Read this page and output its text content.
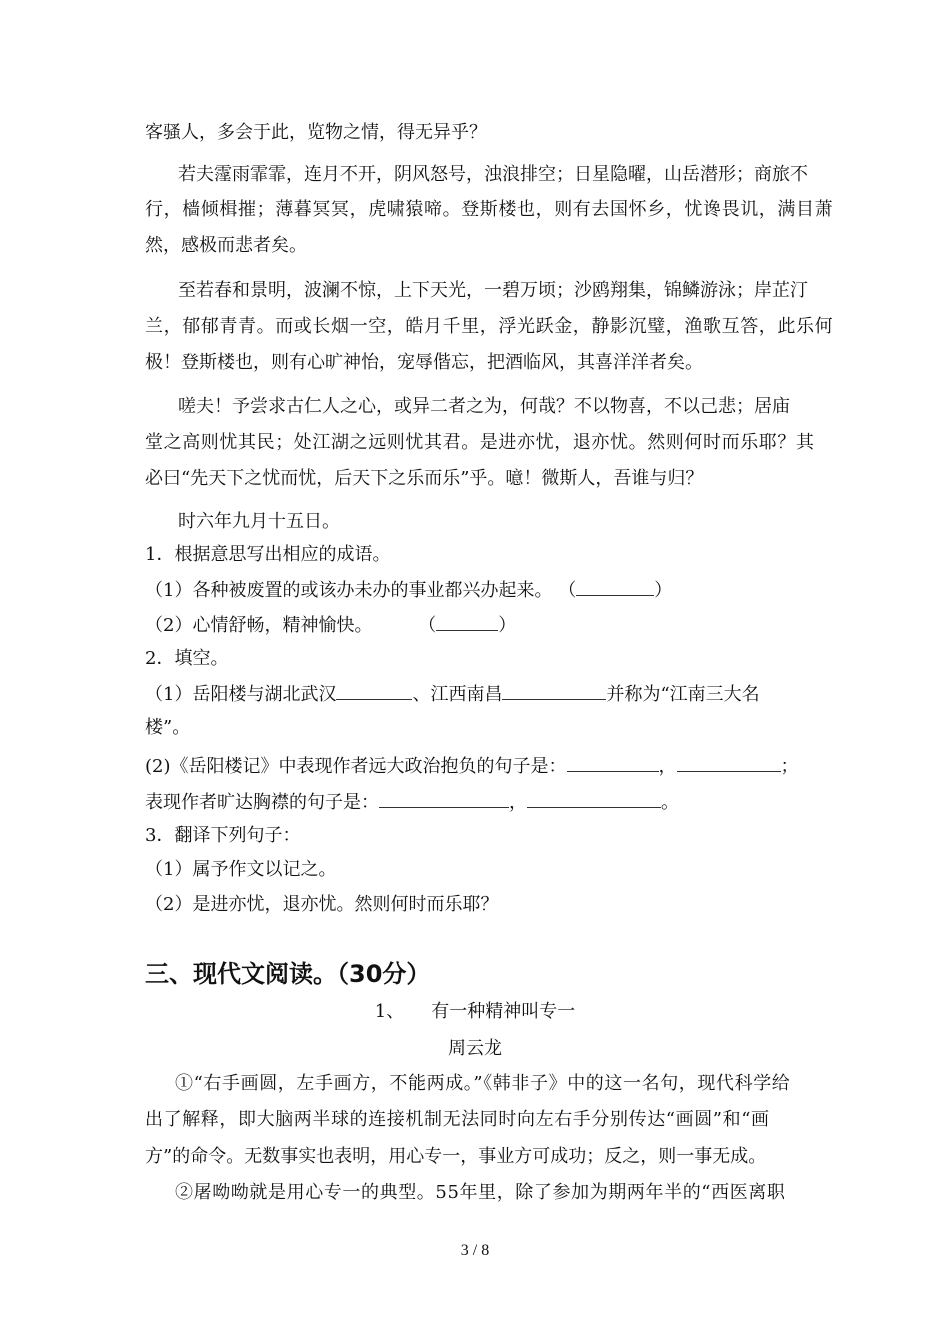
客骚人，多会于此，览物之情，得无异乎？
若夫霪雨霏霏，连月不开，阴风怒号，浊浪排空；日星隐曜，山岳潜形；商旅不
行，樯倾楫摧；薄暮冥冥，虎啸猿啼。登斯楼也，则有去国怀乡，忧谗畏讥，满目萧
然，感极而悲者矣。
至若春和景明，波澜不惊，上下天光，一碧万顷；沙鸥翔集，锦鳞游泳；岸芷汀
兰，郁郁青青。而或长烟一空，皓月千里，浮光跃金，静影沉璧，渔歌互答，此乐何
极！登斯楼也，则有心旷神怡，宠辱偕忘，把酒临风，其喜洋洋者矣。
嗟夫！予尝求古仁人之心，或异二者之为，何哉？不以物喜，不以己悲；居庙
堂之高则忧其民；处江湖之远则忧其君。是进亦忧，退亦忧。然则何时而乐耶？其
必曰“先天下之忧而忧，后天下之乐而乐”乎。噫！微斯人，吾谁与归？
时六年九月十五日。
1．根据意思写出相应的成语。
（1）各种被废置的或该办未办的事业都兴办起来。 （	）
（2）心情舒畅，精神愉快。	（	）
2．填空。
（1）岳阳楼与湖北武汉	、江西南昌	并称为“江南三大名
楼”。
(2)《岳阳楼记》中表现作者远大政治抱负的句子是：	，	；
表现作者旷达胸襟的句子是：	，	。
3．翻译下列句子：
（1）属予作文以记之。
（2）是进亦忧，退亦忧。然则何时而乐耶？
三、现代文阅读。（30分）
1、　　有一种精神叫专一
周云龙
①“右手画圆，左手画方，不能两成。”《韩非子》中的这一名句，现代科学给
出了解释，即大脑两半球的连接机制无法同时向左右手分别传达“画圆”和“画
方”的命令。无数事实也表明，用心专一，事业方可成功；反之，则一事无成。
②屠呦呦就是用心专一的典型。55年里，除了参加为期两年半的“西医离职
3 / 8
